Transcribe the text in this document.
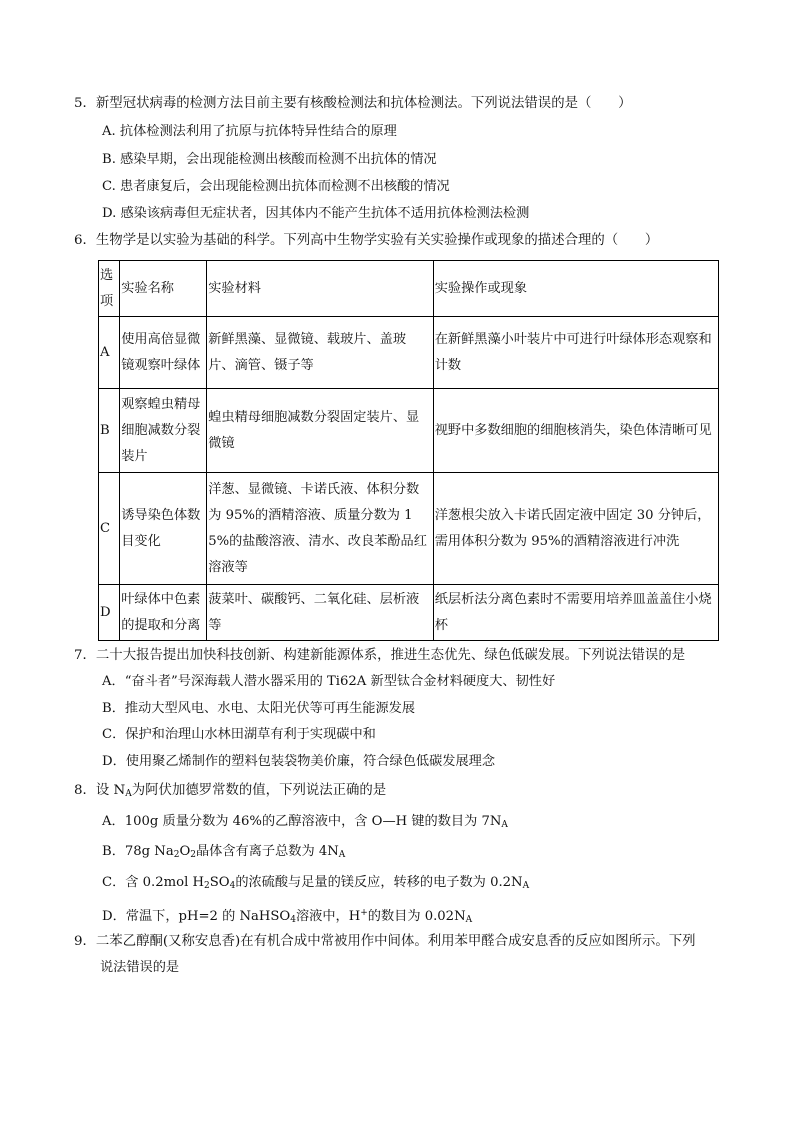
5．新型冠状病毒的检测方法目前主要有核酸检测法和抗体检测法。下列说法错误的是（　　）
A. 抗体检测法利用了抗原与抗体特异性结合的原理
B. 感染早期，会出现能检测出核酸而检测不出抗体的情况
C. 患者康复后，会出现能检测出抗体而检测不出核酸的情况
D. 感染该病毒但无症状者，因其体内不能产生抗体不适用抗体检测法检测
6．生物学是以实验为基础的科学。下列高中生物学实验有关实验操作或现象的描述合理的（　　）
选项	实验名称	实验材料	实验操作或现象
A	使用高倍显微镜观察叶绿体	新鲜黑藻、显微镜、载玻片、盖玻片、滴管、镊子等	在新鲜黑藻小叶装片中可进行叶绿体形态观察和计数
B	观察蝗虫精母细胞减数分裂装片	蝗虫精母细胞减数分裂固定装片、显微镜	视野中多数细胞的细胞核消失，染色体清晰可见
C	诱导染色体数目变化	洋葱、显微镜、卡诺氏液、体积分数为 95%的酒精溶液、质量分数为 15%的盐酸溶液、清水、改良苯酚品红溶液等	洋葱根尖放入卡诺氏固定液中固定 30 分钟后，需用体积分数为 95%的酒精溶液进行冲洗
D	叶绿体中色素的提取和分离	菠菜叶、碳酸钙、二氧化硅、层析液等	纸层析法分离色素时不需要用培养皿盖盖住小烧杯
7．二十大报告提出加快科技创新、构建新能源体系，推进生态优先、绿色低碳发展。下列说法错误的是
A．“奋斗者”号深海载人潜水器采用的 Ti62A 新型钛合金材料硬度大、韧性好
B．推动大型风电、水电、太阳光伏等可再生能源发展
C．保护和治理山水林田湖草有利于实现碳中和
D．使用聚乙烯制作的塑料包装袋物美价廉，符合绿色低碳发展理念
8．设 $N_A$为阿伏加德罗常数的值，下列说法正确的是
A．100g 质量分数为 46%的乙醇溶液中，含 O—H 键的数目为 $7N_A$
B．78g $Na_2O_2$晶体含有离子总数为 $4N_A$
C．含 0.2mol $H_2SO_4$的浓硫酸与足量的镁反应，转移的电子数为 $0.2N_A$
D．常温下，pH=2 的 NaHSO$_4$溶液中，H+的数目为 $0.02N_A$
9．二苯乙醇酮(又称安息香)在有机合成中常被用作中间体。利用苯甲醛合成安息香的反应如图所示。下列
说法错误的是
